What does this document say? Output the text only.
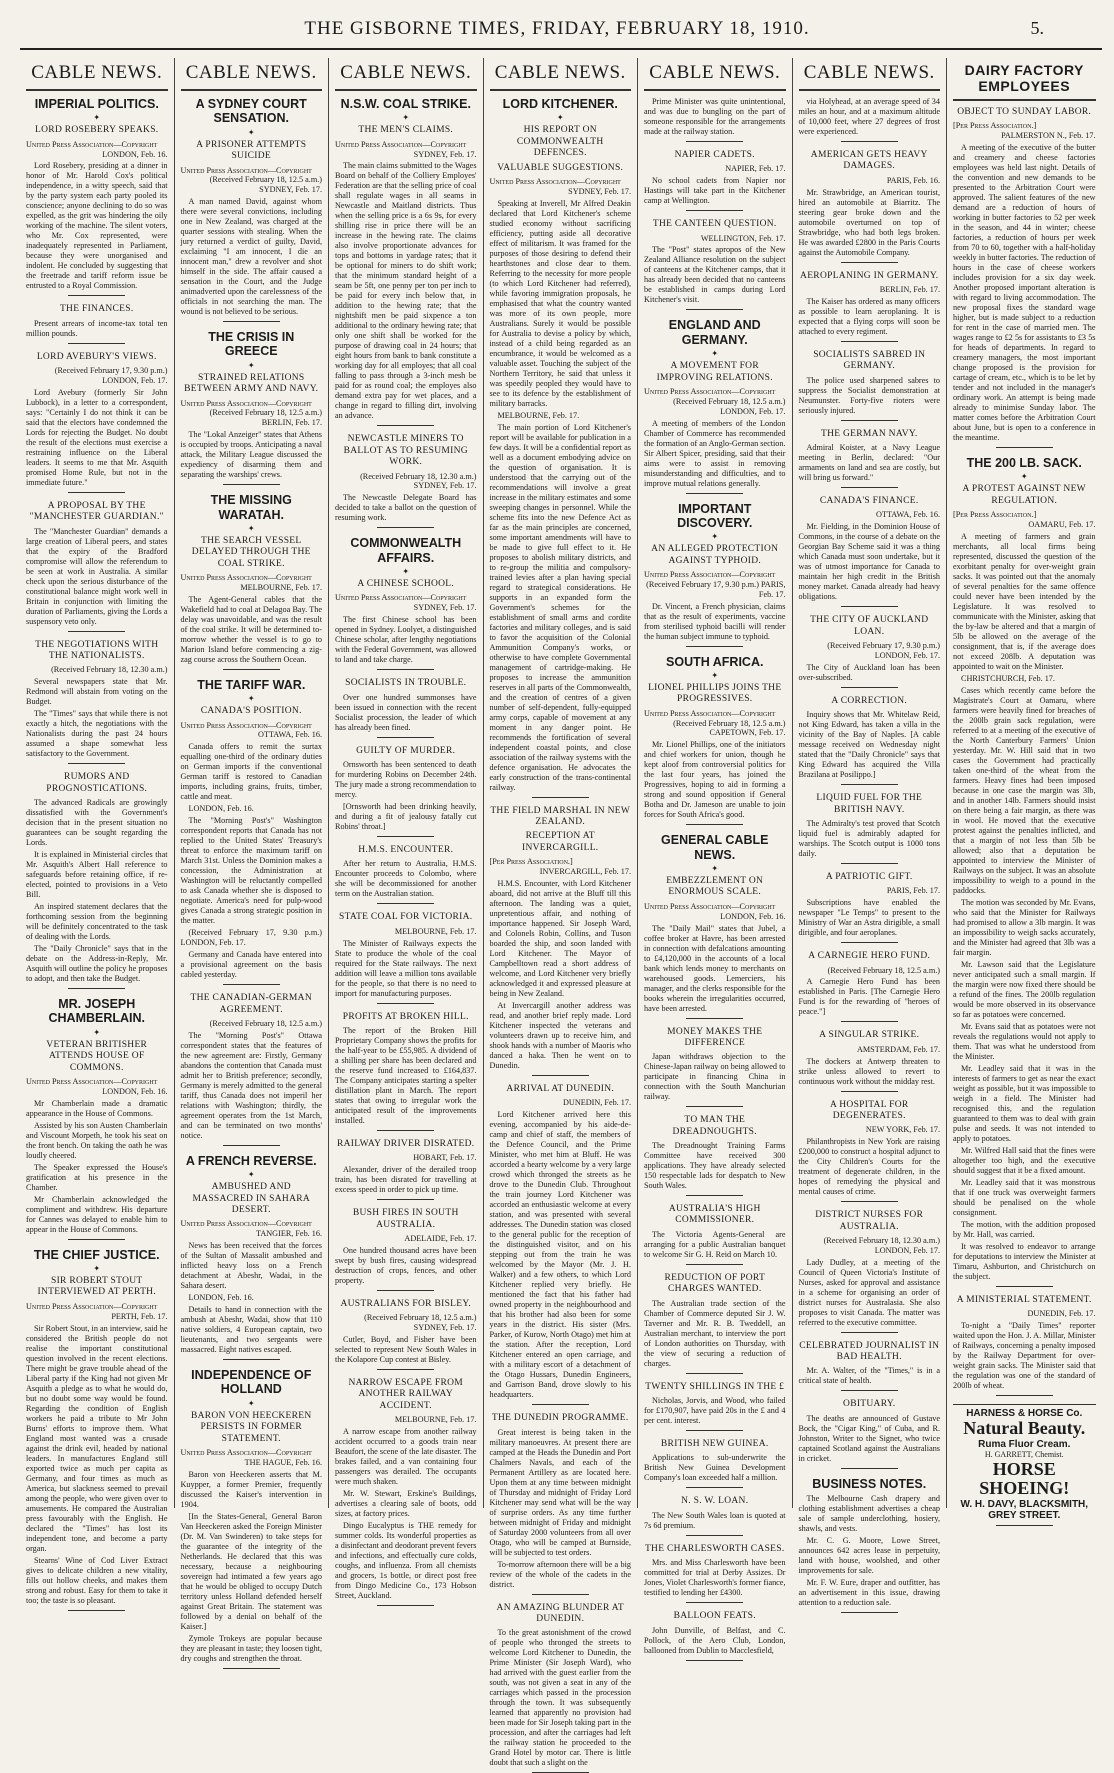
THE GISBORNE TIMES, FRIDAY, FEBRUARY 18, 1910.	5.
CABLE NEWS.
IMPERIAL POLITICS.
✦
LORD ROSEBERY SPEAKS.
United Press Association—Copyright
LONDON, Feb. 16.
Lord Rosebery, presiding at a dinner in honor of Mr. Harold Cox's political independence, in a witty speech, said that by the party system each party pooled its conscience; anyone declining to do so was expelled, as the grit was hindering the oily working of the machine. The silent voters, who Mr. Cox represented, were inadequately represented in Parliament, because they were unorganised and indolent. He concluded by suggesting that the freetrade and tariff reform issue be entrusted to a Royal Commission.
THE FINANCES.
Present arrears of income-tax total ten million pounds.
LORD AVEBURY'S VIEWS.
(Received February 17, 9.30 p.m.) LONDON, Feb. 17.
Lord Avebury (formerly Sir John Lubbock), in a letter to a correspondent, says: "Certainly I do not think it can be said that the electors have condemned the Lords for rejecting the Budget. No doubt the result of the elections must exercise a restraining influence on the Liberal leaders. It seems to me that Mr. Asquith promised Home Rule, but not in the immediate future."
A PROPOSAL BY THE "MANCHESTER GUARDIAN."
The "Manchester Guardian" demands a large creation of Liberal peers, and states that the expiry of the Bradford compromise will allow the referendum to be seen at work in Australia. A similar check upon the serious disturbance of the constitutional balance might work well in Britain in conjunction with limiting the duration of Parliaments, giving the Lords a suspensory veto only.
THE NEGOTIATIONS WITH THE NATIONALISTS.
(Received February 18, 12.30 a.m.)
Several newspapers state that Mr. Redmond will abstain from voting on the Budget.
The "Times" says that while there is not exactly a hitch, the negotiations with the Nationalists during the past 24 hours assumed a shape somewhat less satisfactory to the Government.
RUMORS AND PROGNOSTICATIONS.
The advanced Radicals are growingly dissatisfied with the Government's decision that in the present situation no guarantees can be sought regarding the Lords.
It is explained in Ministerial circles that Mr. Asquith's Albert Hall reference to safeguards before retaining office, if re-elected, pointed to provisions in a Veto Bill.
An inspired statement declares that the forthcoming session from the beginning will be definitely concentrated to the task of dealing with the Lords.
The "Daily Chronicle" says that in the debate on the Address-in-Reply, Mr. Asquith will outline the policy he proposes to adopt, and then take the Budget.
MR. JOSEPH CHAMBERLAIN.
✦
VETERAN BRITISHER ATTENDS HOUSE OF COMMONS.
United Press Association—Copyright
LONDON, Feb. 16.
Mr Chamberlain made a dramatic appearance in the House of Commons.
Assisted by his son Austen Chamberlain and Viscount Morpeth, he took his seat on the front bench. On taking the oath he was loudly cheered.
The Speaker expressed the House's gratification at his presence in the Chamber.
Mr Chamberlain acknowledged the compliment and withdrew. His departure for Cannes was delayed to enable him to appear in the House of Commons.
THE CHIEF JUSTICE.
✦
SIR ROBERT STOUT INTERVIEWED AT PERTH.
United Press Association—Copyright
PERTH, Feb. 17.
Sir Robert Stout, in an interview, said he considered the British people do not realise the important constitutional question involved in the recent elections. There might be grave trouble ahead of the Liberal party if the King had not given Mr Asquith a pledge as to what he would do, but no doubt some way would be found. Regarding the condition of English workers he paid a tribute to Mr John Burns' efforts to improve them. What England most wanted was a crusade against the drink evil, headed by national leaders. In manufactures England still exported twice as much per capita as Germany, and four times as much as America, but slackness seemed to prevail among the people, who were given over to amusements. He compared the Australian press favourably with the English. He declared the "Times" has lost its independent tone, and become a party organ.
Stearns' Wine of Cod Liver Extract gives to delicate children a new vitality, fills out hollow cheeks, and makes them strong and robust. Easy for them to take it too; the taste is so pleasant.
CABLE NEWS.
A SYDNEY COURT SENSATION.
✦
A PRISONER ATTEMPTS SUICIDE
United Press Association—Copyright
(Received February 18, 12.5 a.m.) SYDNEY, Feb. 17.
A man named David, against whom there were several convictions, including one in New Zealand, was charged at the quarter sessions with stealing. When the jury returned a verdict of guilty, David, exclaiming "I am innocent, I die an innocent man," drew a revolver and shot himself in the side. The affair caused a sensation in the Court, and the Judge animadverted upon the carelessness of the officials in not searching the man. The wound is not believed to be serious.
THE CRISIS IN GREECE
✦
STRAINED RELATIONS BETWEEN ARMY AND NAVY.
United Press Association—Copyright
(Received February 18, 12.5 a.m.) BERLIN, Feb. 17.
The "Lokal Anzeiger" states that Athens is occupied by troops. Anticipating a naval attack, the Military League discussed the expediency of disarming them and separating the warships' crews.
THE MISSING WARATAH.
✦
THE SEARCH VESSEL DELAYED THROUGH THE COAL STRIKE.
United Press Association—Copyright
MELBOURNE, Feb. 17.
The Agent-General cables that the Wakefield had to coal at Delagoa Bay. The delay was unavoidable, and was the result of the coal strike. It will be determined to-morrow whether the vessel is to go to Marion Island before commencing a zig-zag course across the Southern Ocean.
THE TARIFF WAR.
✦
CANADA'S POSITION.
United Press Association—Copyright
OTTAWA, Feb. 16.
Canada offers to remit the surtax equalling one-third of the ordinary duties on German imports if the conventional German tariff is restored to Canadian imports, including grains, fruits, timber, cattle and meat.
LONDON, Feb. 16.
The "Morning Post's" Washington correspondent reports that Canada has not replied to the United States' Treasury's threat to enforce the maximum tariff on March 31st. Unless the Dominion makes a concession, the Administration at Washington will be reluctantly compelled to ask Canada whether she is disposed to negotiate. America's need for pulp-wood gives Canada a strong strategic position in the matter.
(Received February 17, 9.30 p.m.) LONDON, Feb. 17.
Germany and Canada have entered into a provisional agreement on the basis cabled yesterday.
THE CANADIAN-GERMAN AGREEMENT.
(Received February 18, 12.5 a.m.)
The "Morning Post's" Ottawa correspondent states that the features of the new agreement are: Firstly, Germany abandons the contention that Canada must admit her to British preference; secondly, Germany is merely admitted to the general tariff, thus Canada does not imperil her relations with Washington; thirdly, the agreement operates from the 1st March, and can be terminated on two months' notice.
A FRENCH REVERSE.
✦
AMBUSHED AND MASSACRED IN SAHARA DESERT.
United Press Association—Copyright
TANGIER, Feb. 16.
News has been received that the forces of the Sultan of Massalit ambushed and inflicted heavy loss on a French detachment at Abeshr, Wadai, in the Sahara desert.
LONDON, Feb. 16.
Details to hand in connection with the ambush at Abeshr, Wadai, show that 110 native soldiers, 4 European captain, two lieutenants, and two sergeants were massacred. Eight natives escaped.
INDEPENDENCE OF HOLLAND
✦
BARON VON HEECKEREN PERSISTS IN FORMER STATEMENT.
United Press Association—Copyright
THE HAGUE, Feb. 16.
Baron von Heeckeren asserts that M. Kuypper, a former Premier, frequently discussed the Kaiser's intervention in 1904.
[In the States-General, General Baron Van Heeckeren asked the Foreign Minister (Dr. M. Van Swinderen) to take steps for the guarantee of the integrity of the Netherlands. He declared that this was necessary, because a neighbouring sovereign had intimated a few years ago that he would be obliged to occupy Dutch territory unless Holland defended herself against Great Britain. The statement was followed by a denial on behalf of the Kaiser.]
Zymole Trokeys are popular because they are pleasant in taste; they loosen tight, dry coughs and strengthen the throat.
CABLE NEWS.
N.S.W. COAL STRIKE.
✦
THE MEN'S CLAIMS.
United Press Association—Copyright
SYDNEY, Feb. 17.
The main claims submitted to the Wages Board on behalf of the Colliery Employes' Federation are that the selling price of coal shall regulate wages in all seams in Newcastle and Maitland districts. Thus when the selling price is a 6s 9s, for every shilling rise in price there will be an increase in the hewing rate. The claims also involve proportionate advances for tops and bottoms in yardage rates; that it be optional for miners to do shift work; that the minimum standard height of a seam be 5ft, one penny per ton per inch to be paid for every inch below that, in addition to the hewing rate; that the nightshift men be paid sixpence a ton additional to the ordinary hewing rate; that only one shift shall be worked for the purpose of drawing coal in 24 hours; that eight hours from bank to bank constitute a working day for all employes; that all coal falling to pass through a 3-inch mesh be paid for as round coal; the employes also demand extra pay for wet places, and a change in regard to filling dirt, involving an advance.
NEWCASTLE MINERS TO BALLOT AS TO RESUMING WORK.
(Received February 18, 12.30 a.m.) SYDNEY, Feb. 17.
The Newcastle Delegate Board has decided to take a ballot on the question of resuming work.
COMMONWEALTH AFFAIRS.
✦
A CHINESE SCHOOL.
United Press Association—Copyright
SYDNEY, Feb. 17.
The first Chinese school has been opened in Sydney. Loolyet, a distinguished Chinese scholar, after lengthy negotiations with the Federal Government, was allowed to land and take charge.
SOCIALISTS IN TROUBLE.
Over one hundred summonses have been issued in connection with the recent Socialist procession, the leader of which has already been fined.
GUILTY OF MURDER.
Ornsworth has been sentenced to death for murdering Robins on December 24th. The jury made a strong recommendation to mercy.
[Ornsworth had been drinking heavily, and during a fit of jealousy fatally cut Robins' throat.]
H.M.S. ENCOUNTER.
After her return to Australia, H.M.S. Encounter proceeds to Colombo, where she will be decommissioned for another term on the Australian station.
STATE COAL FOR VICTORIA.
MELBOURNE, Feb. 17.
The Minister of Railways expects the State to produce the whole of the coal required for the State railways. The next addition will leave a million tons available for the people, so that there is no need to import for manufacturing purposes.
PROFITS AT BROKEN HILL.
The report of the Broken Hill Proprietary Company shows the profits for the half-year to be £55,985. A dividend of a shilling per share has been declared and the reserve fund increased to £164,837. The Company anticipates starting a spelter distillation plant in March. The report states that owing to irregular work the anticipated result of the improvements installed.
RAILWAY DRIVER DISRATED.
HOBART, Feb. 17.
Alexander, driver of the derailed troop train, has been disrated for travelling at excess speed in order to pick up time.
BUSH FIRES IN SOUTH AUSTRALIA.
ADELAIDE, Feb. 17.
One hundred thousand acres have been swept by bush fires, causing widespread destruction of crops, fences, and other property.
AUSTRALIANS FOR BISLEY.
(Received February 18, 12.5 a.m.) SYDNEY, Feb. 17.
Cutler, Boyd, and Fisher have been selected to represent New South Wales in the Kolapore Cup contest at Bisley.
NARROW ESCAPE FROM ANOTHER RAILWAY ACCIDENT.
MELBOURNE, Feb. 17.
A narrow escape from another railway accident occurred to a goods train near Beaufort, the scene of the late disaster. The brakes failed, and a van containing four passengers was derailed. The occupants were much shaken.
Mr. W. Stewart, Erskine's Buildings, advertises a clearing sale of boots, odd sizes, at factory prices.
Dingo Eucalyptus is THE remedy for summer colds. Its wonderful properties as a disinfectant and deodorant prevent fevers and infections, and effectually cure colds, coughs, and influenza. From all chemists and grocers, 1s bottle, or direct post free from Dingo Medicine Co., 173 Hobson Street, Auckland.
CABLE NEWS.
LORD KITCHENER.
✦
HIS REPORT ON COMMONWEALTH DEFENCES.
VALUABLE SUGGESTIONS.
United Press Association—Copyright
SYDNEY, Feb. 17.
Speaking at Inverell, Mr Alfred Deakin declared that Lord Kitchener's scheme studied economy without sacrificing efficiency, putting aside all decorative effect of militarism. It was framed for the purposes of those desiring to defend their hearthstones and close dear to them. Referring to the necessity for more people (to which Lord Kitchener had referred), while favoring immigration proposals, he emphasised that what the country wanted was more of its own people, more Australians. Surely it would be possible for Australia to devise a policy by which, instead of a child being regarded as an encumbrance, it would be welcomed as a valuable asset. Touching the subject of the Northern Territory, he said that unless it was speedily peopled they would have to see to its defence by the establishment of military barracks.
MELBOURNE, Feb. 17.
The main portion of Lord Kitchener's report will be available for publication in a few days. It will be a confidential report as well as a document embodying advice on the question of organisation. It is understood that the carrying out of the recommendations will involve a great increase in the military estimates and some sweeping changes in personnel. While the scheme fits into the new Defence Act as far as the main principles are concerned, some important amendments will have to be made to give full effect to it. He proposes to abolish military districts, and to re-group the militia and compulsory-trained levies after a plan having special regard to strategical considerations. He supports in an expanded form the Government's schemes for the establishment of small arms and cordite factories and military colleges, and is said to favor the acquisition of the Colonial Ammunition Company's works, or otherwise to have complete Governmental management of cartridge-making. He proposes to increase the ammunition reserves in all parts of the Commonwealth, and the creation of centres of a given number of self-dependent, fully-equipped army corps, capable of movement at any moment in any danger point. He recommends the fortification of several independent coastal points, and close association of the railway systems with the defence organisation. He advocates the early construction of the trans-continental railway.
THE FIELD MARSHAL IN NEW ZEALAND.
RECEPTION AT INVERCARGILL.
[Per Press Association.]
INVERCARGILL, Feb. 17.
H.M.S. Encounter, with Lord Kitchener aboard, did not arrive at the Bluff till this afternoon. The landing was a quiet, unpretentious affair, and nothing of importance happened. Sir Joseph Ward, and Colonels Robin, Collins, and Tuson boarded the ship, and soon landed with Lord Kitchener. The Mayor of Campbelltown read a short address of welcome, and Lord Kitchener very briefly acknowledged it and expressed pleasure at being in New Zealand.
At Invercargill another address was read, and another brief reply made. Lord Kitchener inspected the veterans and volunteers drawn up to receive him, and shook hands with a number of Maoris who danced a haka. Then he went on to Dunedin.
ARRIVAL AT DUNEDIN.
DUNEDIN, Feb. 17.
Lord Kitchener arrived here this evening, accompanied by his aide-de-camp and chief of staff, the members of the Defence Council, and the Prime Minister, who met him at Bluff. He was accorded a hearty welcome by a very large crowd which thronged the streets as he drove to the Dunedin Club. Throughout the train journey Lord Kitchener was accorded an enthusiastic welcome at every station, and was presented with several addresses. The Dunedin station was closed to the general public for the reception of the distinguished visitor, and on his stepping out from the train he was welcomed by the Mayor (Mr. J. H. Walker) and a few others, to which Lord Kitchener replied very briefly. He mentioned the fact that his father had owned property in the neighbourhood and that his brother had also been for some years in the district. His sister (Mrs. Parker, of Kurow, North Otago) met him at the station. After the reception, Lord Kitchener entered an open carriage, and with a military escort of a detachment of the Otago Hussars, Dunedin Engineers, and Garrison Band, drove slowly to his headquarters.
THE DUNEDIN PROGRAMME.
Great interest is being taken in the military manoeuvres. At present there are camped at the Heads the Dunedin and Port Chalmers Navals, and each of the Permanent Artillery as are located here. Upon them at any time between midnight of Thursday and midnight of Friday Lord Kitchener may send what will be the way of surprise orders. As any time further between midnight of Friday and midnight of Saturday 2000 volunteers from all over Otago, who will be camped at Burnside, will be subjected to test orders.
To-morrow afternoon there will be a big review of the whole of the cadets in the district.
AN AMAZING BLUNDER AT DUNEDIN.
To the great astonishment of the crowd of people who thronged the streets to welcome Lord Kitchener to Dunedin, the Prime Minister (Sir Joseph Ward), who had arrived with the guest earlier from the south, was not given a seat in any of the carriages which passed in the procession through the town. It was subsequently learned that apparently no provision had been made for Sir Joseph taking part in the procession, and after the carriages had left the railway station he proceeded to the Grand Hotel by motor car. There is little doubt that such a slight on the
CABLE NEWS.
Prime Minister was quite unintentional, and was due to bungling on the part of someone responsible for the arrangements made at the railway station.
NAPIER CADETS.
NAPIER, Feb. 17.
No school cadets from Napier nor Hastings will take part in the Kitchener camp at Wellington.
THE CANTEEN QUESTION.
WELLINGTON, Feb. 17.
The "Post" states apropos of the New Zealand Alliance resolution on the subject of canteens at the Kitchener camps, that it has already been decided that no canteens be established in camps during Lord Kitchener's visit.
ENGLAND AND GERMANY.
✦
A MOVEMENT FOR IMPROVING RELATIONS.
United Press Association—Copyright
(Received February 18, 12.5 a.m.) LONDON, Feb. 17.
A meeting of members of the London Chamber of Commerce has recommended the formation of an Anglo-German section. Sir Albert Spicer, presiding, said that their aims were to assist in removing misunderstanding and difficulties, and to improve mutual relations generally.
IMPORTANT DISCOVERY.
✦
AN ALLEGED PROTECTION AGAINST TYPHOID.
United Press Association—Copyright
(Received February 17, 9.30 p.m.) PARIS, Feb. 17.
Dr. Vincent, a French physician, claims that as the result of experiments, vaccine from sterilised typhoid bacilli will render the human subject immune to typhoid.
SOUTH AFRICA.
✦
LIONEL PHILLIPS JOINS THE PROGRESSIVES.
United Press Association—Copyright
(Received February 18, 12.5 a.m.) CAPETOWN, Feb. 17.
Mr. Lionel Phillips, one of the initiators and chief workers for union, though he kept aloof from controversial politics for the last four years, has joined the Progressives, hoping to aid in forming a strong and sound opposition if General Botha and Dr. Jameson are unable to join forces for South Africa's good.
GENERAL CABLE NEWS.
✦
EMBEZZLEMENT ON ENORMOUS SCALE.
United Press Association—Copyright
LONDON, Feb. 16.
The "Daily Mail" states that Jubel, a coffee broker at Havre, has been arrested in connection with defalcations amounting to £4,120,000 in the accounts of a local bank which lends money to merchants on warehoused goods. Lemerciers, his manager, and the clerks responsible for the books wherein the irregularities occurred, have been arrested.
MONEY MAKES THE DIFFERENCE
Japan withdraws objection to the Chinese-Japan railway on being allowed to participate in financing China in connection with the South Manchurian railway.
TO MAN THE DREADNOUGHTS.
The Dreadnought Training Farms Committee have received 300 applications. They have already selected 150 respectable lads for despatch to New South Wales.
AUSTRALIA'S HIGH COMMISSIONER.
The Victoria Agents-General are arranging for a public Australian banquet to welcome Sir G. H. Reid on March 10.
REDUCTION OF PORT CHARGES WANTED.
The Australian trade section of the Chamber of Commerce deputed Sir J. W. Taverner and Mr. R. B. Tweddell, an Australian merchant, to interview the port of London authorities on Thursday, with the view of securing a reduction of charges.
TWENTY SHILLINGS IN THE £
Nicholas, Jorvis, and Wood, who failed for £170,907, have paid 20s in the £ and 4 per cent. interest.
BRITISH NEW GUINEA.
Applications to sub-underwrite the British New Guinea Development Company's loan exceeded half a million.
N. S. W. LOAN.
The New South Wales loan is quoted at 7s 6d premium.
THE CHARLESWORTH CASES.
Mrs. and Miss Charlesworth have been committed for trial at Derby Assizes. Dr Jones, Violet Charlesworth's former fiance, testified to lending her £4300.
BALLOON FEATS.
John Dunville, of Belfast, and C. Pollock, of the Aero Club, London, ballooned from Dublin to Macclesfield,
CABLE NEWS.
via Holyhead, at an average speed of 34 miles an hour, and at a maximum altitude of 10,000 feet, where 27 degrees of frost were experienced.
AMERICAN GETS HEAVY DAMAGES.
PARIS, Feb. 16.
Mr. Strawbridge, an American tourist, hired an automobile at Biarritz. The steering gear broke down and the automobile overturned on top of Strawbridge, who had both legs broken. He was awarded £2800 in the Paris Courts against the Automobile Company.
AEROPLANING IN GERMANY.
BERLIN, Feb. 17.
The Kaiser has ordered as many officers as possible to learn aeroplaning. It is expected that a flying corps will soon be attached to every regiment.
SOCIALISTS SABRED IN GERMANY.
The police used sharpened sabres to suppress the Socialist demonstration at Neumunster. Forty-five rioters were seriously injured.
THE GERMAN NAVY.
Admiral Koister, at a Navy League meeting in Berlin, declared: "Our armaments on land and sea are costly, but will bring us forward."
CANADA'S FINANCE.
OTTAWA, Feb. 16.
Mr. Fielding, in the Dominion House of Commons, in the course of a debate on the Georgian Bay Scheme said it was a thing which Canada must soon undertake, but it was of utmost importance for Canada to maintain her high credit in the British money market. Canada already had heavy obligations.
THE CITY OF AUCKLAND LOAN.
(Received February 17, 9.30 p.m.) LONDON, Feb. 17.
The City of Auckland loan has been over-subscribed.
A CORRECTION.
Inquiry shows that Mr. Whitelaw Reid, not King Edward, has taken a villa in the vicinity of the Bay of Naples. [A cable message received on Wednesday night stated that the "Daily Chronicle" says that King Edward has acquired the Villa Brazilana at Posilippo.]
LIQUID FUEL FOR THE BRITISH NAVY.
The Admiralty's test proved that Scotch liquid fuel is admirably adapted for warships. The Scotch output is 1000 tons daily.
A PATRIOTIC GIFT.
PARIS, Feb. 17.
Subscriptions have enabled the newspaper "Le Temps" to present to the Ministry of War an Astra dirigible, a small dirigible, and four aeroplanes.
A CARNEGIE HERO FUND.
(Received February 18, 12.5 a.m.)
A Carnegie Hero Fund has been established in Paris. [The Carnegie Hero Fund is for the rewarding of "heroes of peace."]
A SINGULAR STRIKE.
AMSTERDAM, Feb. 17.
The dockers at Antwerp threaten to strike unless allowed to revert to continuous work without the midday rest.
A HOSPITAL FOR DEGENERATES.
NEW YORK, Feb. 17.
Philanthropists in New York are raising £200,000 to construct a hospital adjunct to the City Children's Courts for the treatment of degenerate children, in the hopes of remedying the physical and mental causes of crime.
DISTRICT NURSES FOR AUSTRALIA.
(Received February 18, 12.30 a.m.) LONDON, Feb. 17.
Lady Dudley, at a meeting of the Council of Queen Victoria's Institute of Nurses, asked for approval and assistance in a scheme for organising an order of district nurses for Australasia. She also proposes to visit Canada. The matter was referred to the executive committee.
CELEBRATED JOURNALIST IN BAD HEALTH.
Mr. A. Walter, of the "Times," is in a critical state of health.
OBITUARY.
The deaths are announced of Gustave Bock, the "Cigar King," of Cuba, and R. Johnston, Writer to the Signet, who twice captained Scotland against the Australians in cricket.
BUSINESS NOTES.
The Melbourne Cash drapery and clothing establishment advertises a cheap sale of sample underclothing, hosiery, shawls, and vests.
Mr. C. G. Moore, Lowe Street, announces 642 acres lease in perpetuity, land with house, woolshed, and other improvements for sale.
Mr. F. W. Eure, draper and outfitter, has an advertisement in this issue, drawing attention to a reduction sale.
DAIRY FACTORY EMPLOYEES
OBJECT TO SUNDAY LABOR.
[Per Press Association.]
PALMERSTON N., Feb. 17.
A meeting of the executive of the butter and creamery and cheese factories employees was held last night. Details of the convention and new demands to be presented to the Arbitration Court were approved. The salient features of the new demand are a reduction of hours of working in butter factories to 52 per week in the season, and 44 in winter; cheese factories, a reduction of hours per week from 70 to 60, together with a half-holiday weekly in butter factories. The reduction of hours in the case of cheese workers includes provision for a six day week. Another proposed important alteration is with regard to living accommodation. The new proposal fixes the standard wage higher, but is made subject to a reduction for rent in the case of married men. The wages range to £2 5s for assistants to £3 5s for heads of departments. In regard to creamery managers, the most important change proposed is the provision for cartage of cream, etc., which is to be let by tender and not included in the manager's ordinary work. An attempt is being made already to minimise Sunday labor. The matter comes before the Arbitration Court about June, but is open to a conference in the meantime.
THE 200 LB. SACK.
✦
A PROTEST AGAINST NEW REGULATION.
[Per Press Association.]
OAMARU, Feb. 17.
A meeting of farmers and grain merchants, all local firms being represented, discussed the question of the exorbitant penalty for over-weight grain sacks. It was pointed out that the anomaly of several penalties for the same offence could never have been intended by the Legislature. It was resolved to communicate with the Minister, asking that the by-law be altered and that a margin of 5lb be allowed on the average of the consignment, that is, if the average does not exceed 208lb. A deputation was appointed to wait on the Minister.
CHRISTCHURCH, Feb. 17.
Cases which recently came before the Magistrate's Court at Oamaru, where farmers were heavily fined for breaches of the 200lb grain sack regulation, were referred to at a meeting of the executive of the North Canterbury Farmers' Union yesterday. Mr. W. Hill said that in two cases the Government had practically taken one-third of the wheat from the farmers. Heavy fines had been imposed because in one case the margin was 3lb, and in another 14lb. Farmers should insist on there being a fair margin, as there was in wool. He moved that the executive protest against the penalties inflicted, and that a margin of not less than 5lb be allowed; also that a deputation be appointed to interview the Minister of Railways on the subject. It was an absolute impossibility to weigh to a pound in the paddocks.
The motion was seconded by Mr. Evans, who said that the Minister for Railways had promised to allow a 3lb margin. It was an impossibility to weigh sacks accurately, and the Minister had agreed that 3lb was a fair margin.
Mr. Lawson said that the Legislature never anticipated such a small margin. If the margin were now fixed there should be a refund of the fines. The 200lb regulation would be more observed in its observance so far as potatoes were concerned.
Mr. Evans said that as potatoes were not reveals the regulations would not apply to them. That was what he understood from the Minister.
Mr. Leadley said that it was in the interests of farmers to get as near the exact weight as possible, but it was impossible to weigh in a field. The Minister had recognised this, and the regulation guaranteed to them was to deal with grain pulse and seeds. It was not intended to apply to potatoes.
Mr. Wilfred Hall said that the fines were altogether too high, and the executive should suggest that it be a fixed amount.
Mr. Leadley said that it was monstrous that if one truck was overweight farmers should be penalised on the whole consignment.
The motion, with the addition proposed by Mr. Hall, was carried.
It was resolved to endeavor to arrange for deputations to interview the Minister at Timaru, Ashburton, and Christchurch on the subject.
A MINISTERIAL STATEMENT.
DUNEDIN, Feb. 17.
To-night a "Daily Times" reporter waited upon the Hon. J. A. Millar, Minister of Railways, concerning a penalty imposed by the Railway Department for over-weight grain sacks. The Minister said that the regulation was one of the standard of 200lb of wheat.
HARNESS & HORSE Co.
Natural Beauty.
Ruma Fluor Cream.
H. GARRETT, Chemist.
HORSE SHOEING!
W. H. DAVY, BLACKSMITH, GREY STREET.
